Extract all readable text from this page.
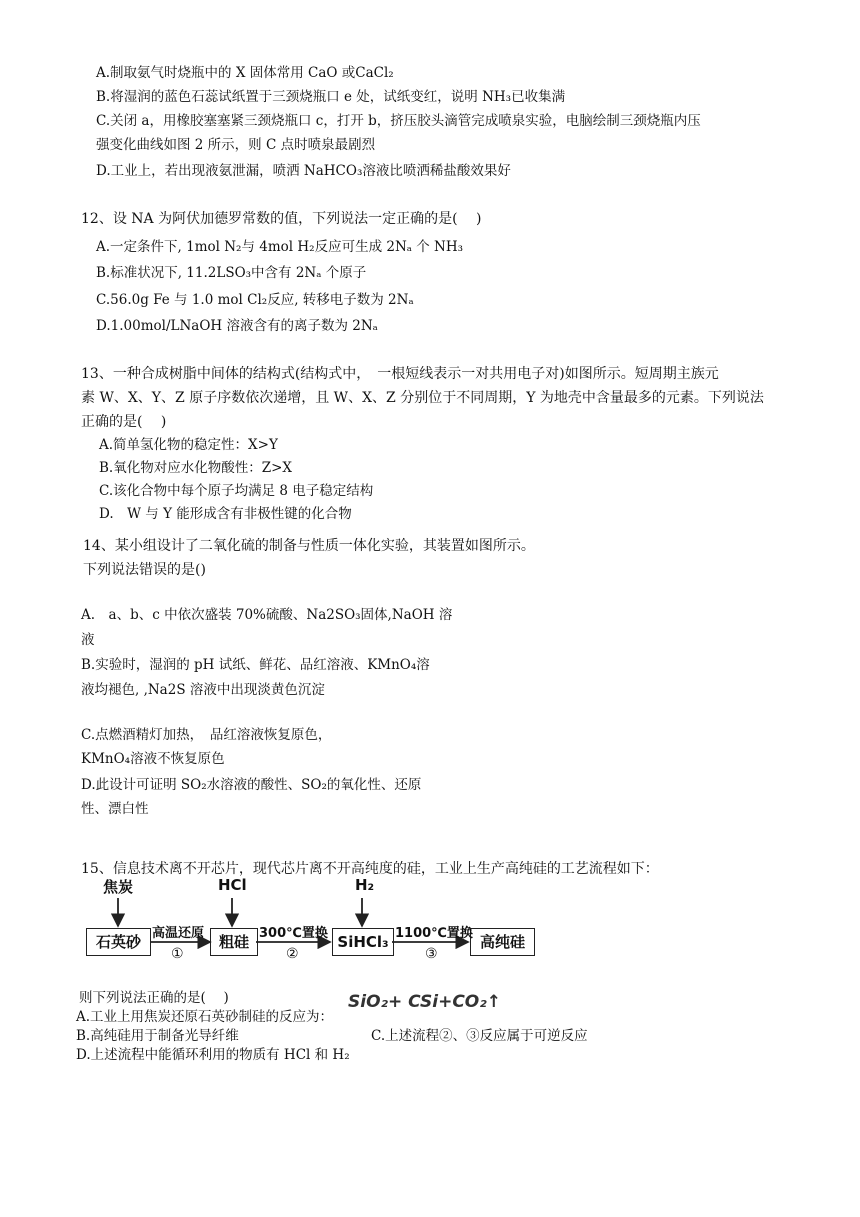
A.制取氨气时烧瓶中的 X 固体常用 CaO 或CaCl₂
B.将湿润的蓝色石蕊试纸置于三颈烧瓶口 e 处，试纸变红，说明 NH₃已收集满
C.关闭 a，用橡胶塞塞紧三颈烧瓶口 c，打开 b，挤压胶头滴管完成喷泉实验，电脑绘制三颈烧瓶内压
强变化曲线如图 2 所示，则 C 点时喷泉最剧烈
D.工业上，若出现液氨泄漏，喷洒 NaHCO₃溶液比喷洒稀盐酸效果好
12、设 NA 为阿伏加德罗常数的值，下列说法一定正确的是(　 )
A.一定条件下, 1mol N₂与 4mol H₂反应可生成 2Nₐ 个 NH₃
B.标准状况下, 11.2LSO₃中含有 2Nₐ 个原子
C.56.0g Fe 与 1.0 mol Cl₂反应, 转移电子数为 2Nₐ
D.1.00mol/LNaOH 溶液含有的离子数为 2Nₐ
13、一种合成树脂中间体的结构式(结构式中，　一根短线表示一对共用电子对)如图所示。短周期主族元
素 W、X、Y、Z 原子序数依次递增，且 W、X、Z 分别位于不同周期，Y 为地壳中含量最多的元素。下列说法
正确的是(　 )
A.简单氢化物的稳定性：X>Y
B.氧化物对应水化物酸性：Z>X
C.该化合物中每个原子均满足 8 电子稳定结构
D.　W 与 Y 能形成含有非极性键的化合物
14、某小组设计了二氧化硫的制备与性质一体化实验，其装置如图所示。
下列说法错误的是()
A.　a、b、c 中依次盛装 70%硫酸、Na2SO₃固体,NaOH 溶
液
B.实验时，湿润的 pH 试纸、鲜花、品红溶液、KMnO₄溶
液均褪色, ,Na2S 溶液中出现淡黄色沉淀
C.点燃酒精灯加热，　品红溶液恢复原色，
KMnO₄溶液不恢复原色
D.此设计可证明 SO₂水溶液的酸性、SO₂的氧化性、还原
性、漂白性
15、信息技术离不开芯片，现代芯片离不开高纯度的硅，工业上生产高纯硅的工艺流程如下：
焦炭	HCl	H₂
石英砂	粗硅	SiHCl₃	高纯硅
高温还原	300℃置换	1100℃置换
①	②	③
则下列说法正确的是(　 )	SiO₂+ CSi+CO₂↑
A.工业上用焦炭还原石英砂制硅的反应为：
B.高纯硅用于制备光导纤维	C.上述流程②、③反应属于可逆反应
D.上述流程中能循环利用的物质有 HCl 和 H₂
